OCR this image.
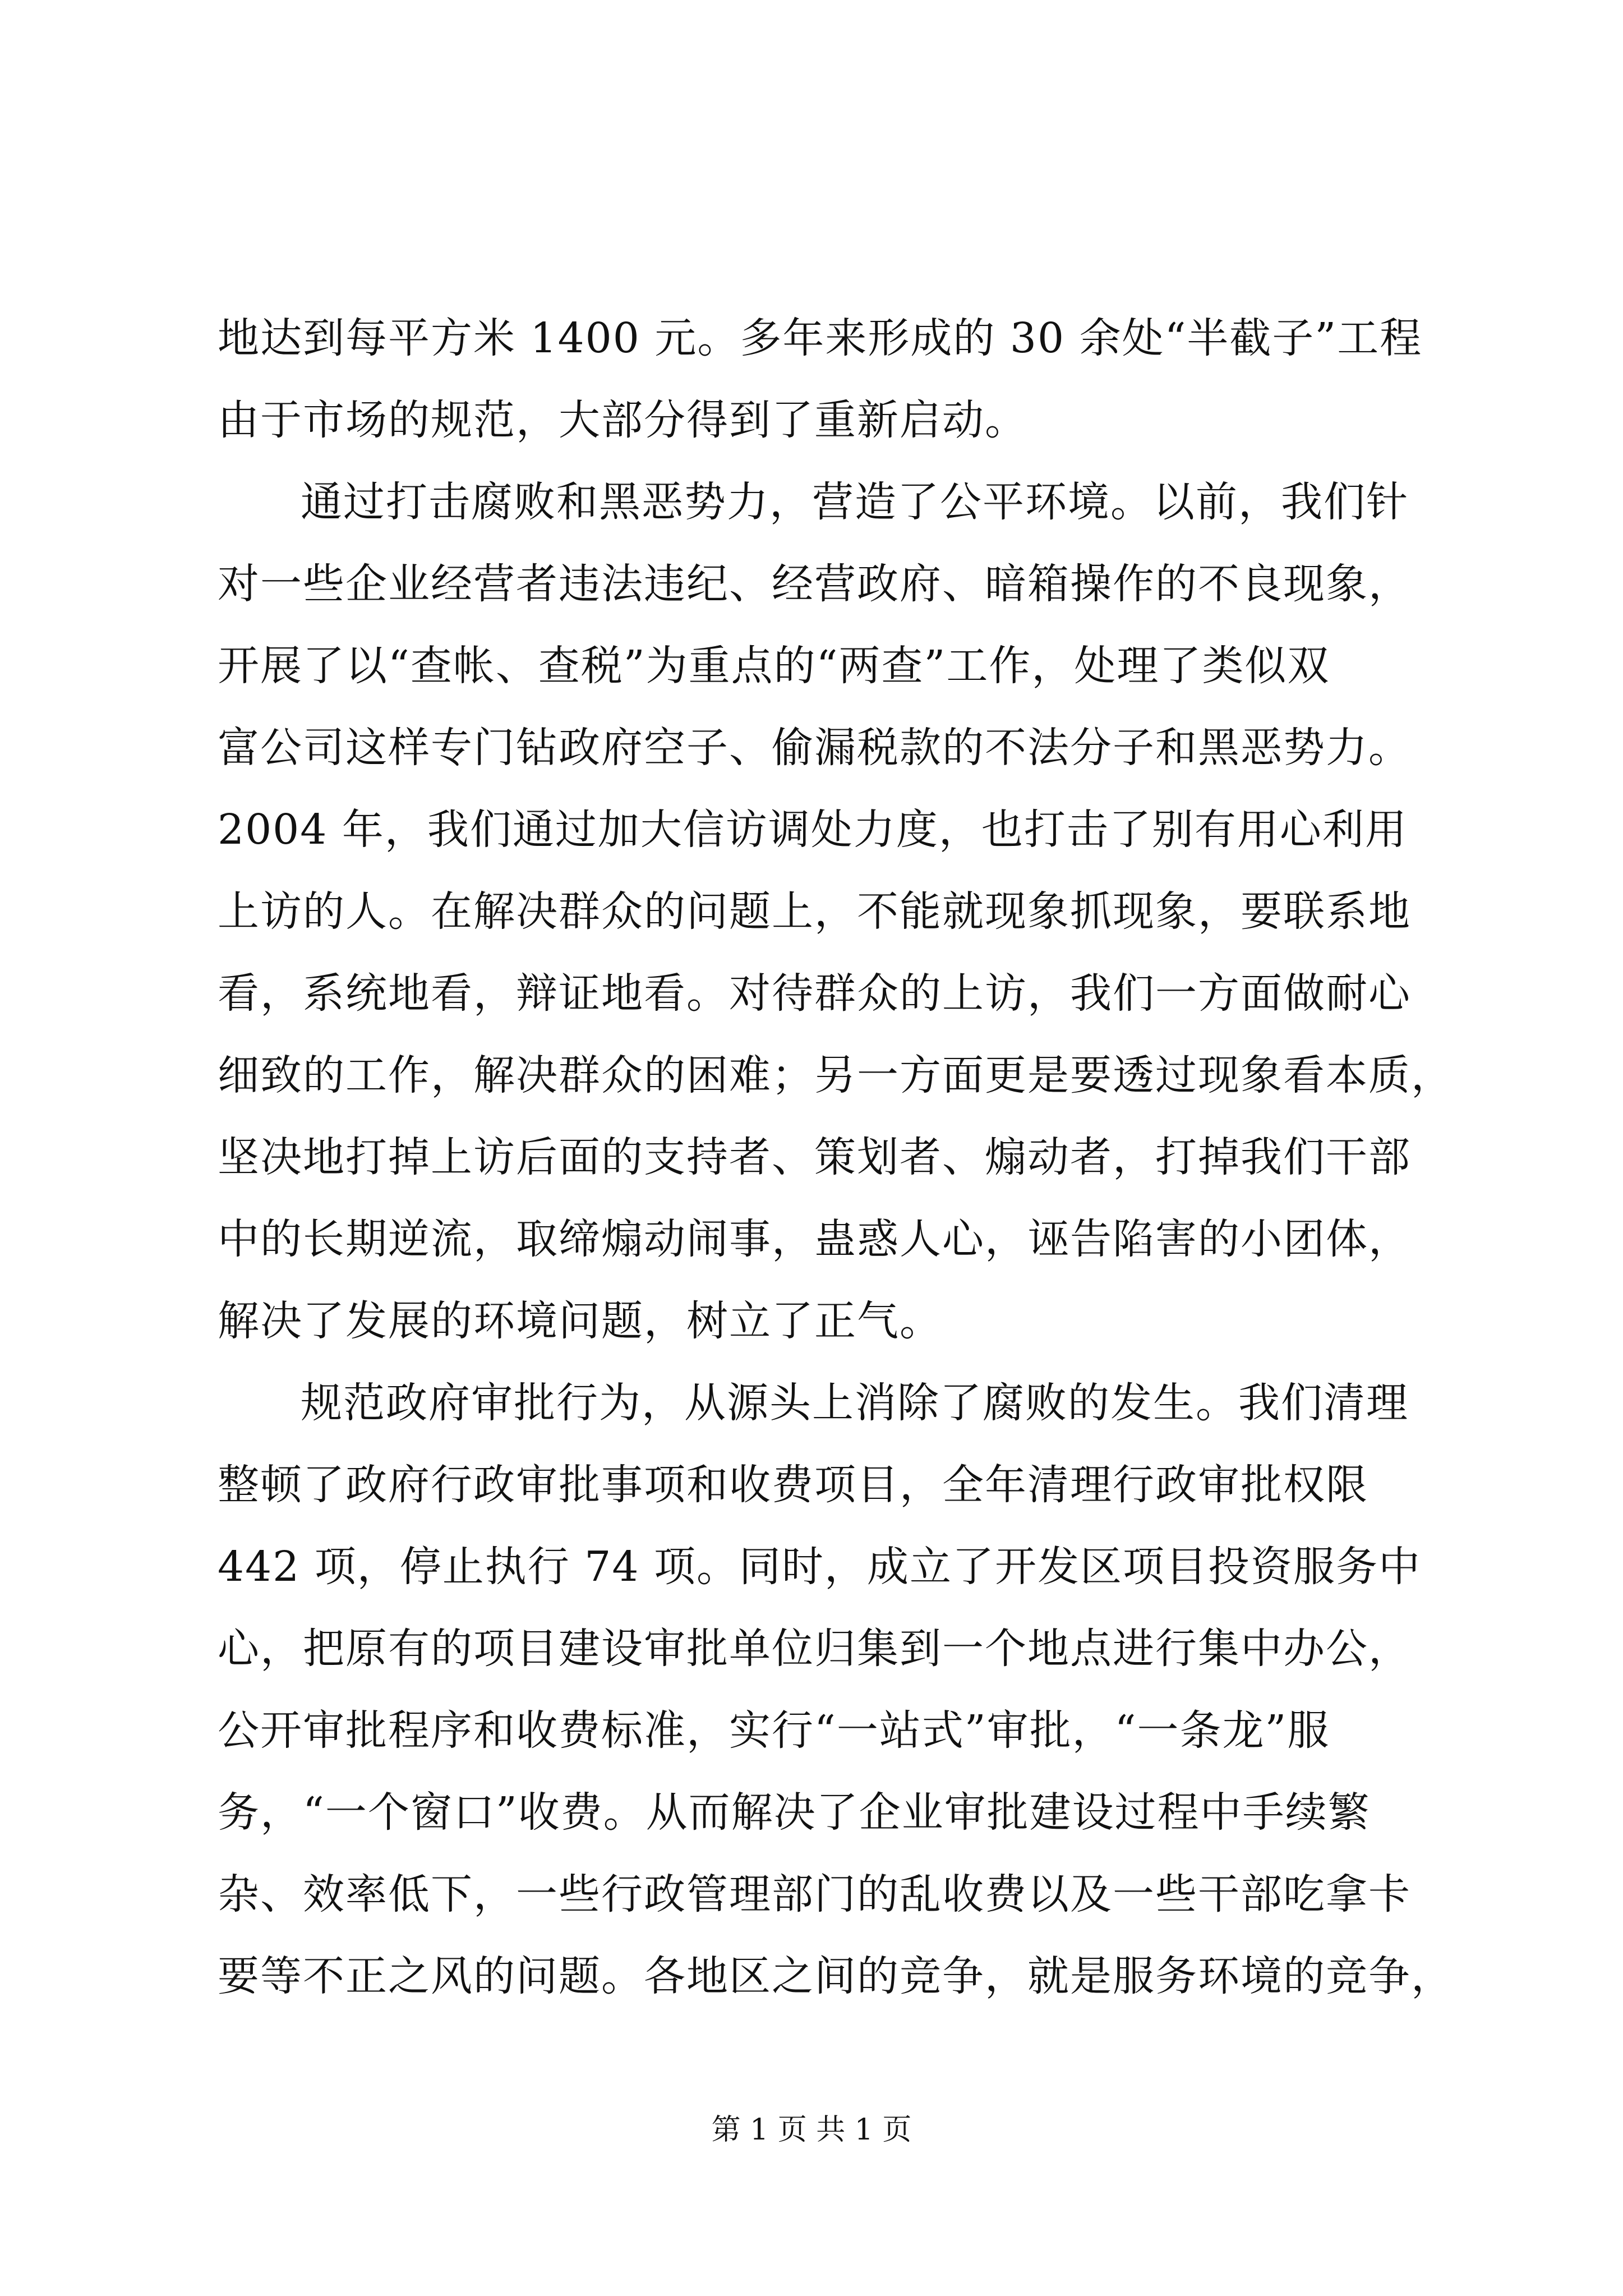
地达到每平方米 1400 元。多年来形成的 30 余处“半截子”工程
由于市场的规范，大部分得到了重新启动。
通过打击腐败和黑恶势力，营造了公平环境。以前，我们针
对一些企业经营者违法违纪、经营政府、暗箱操作的不良现象，
开展了以“查帐、查税”为重点的“两查”工作，处理了类似双
富公司这样专门钻政府空子、偷漏税款的不法分子和黑恶势力。
2004 年，我们通过加大信访调处力度，也打击了别有用心利用
上访的人。在解决群众的问题上，不能就现象抓现象，要联系地
看，系统地看，辩证地看。对待群众的上访，我们一方面做耐心
细致的工作，解决群众的困难；另一方面更是要透过现象看本质，
坚决地打掉上访后面的支持者、策划者、煽动者，打掉我们干部
中的长期逆流，取缔煽动闹事，蛊惑人心，诬告陷害的小团体，
解决了发展的环境问题，树立了正气。
规范政府审批行为，从源头上消除了腐败的发生。我们清理
整顿了政府行政审批事项和收费项目，全年清理行政审批权限
442 项，停止执行 74 项。同时，成立了开发区项目投资服务中
心，把原有的项目建设审批单位归集到一个地点进行集中办公，
公开审批程序和收费标准，实行“一站式”审批，“一条龙”服
务，“一个窗口”收费。从而解决了企业审批建设过程中手续繁
杂、效率低下，一些行政管理部门的乱收费以及一些干部吃拿卡
要等不正之风的问题。各地区之间的竞争，就是服务环境的竞争，
第 1 页 共 1 页
